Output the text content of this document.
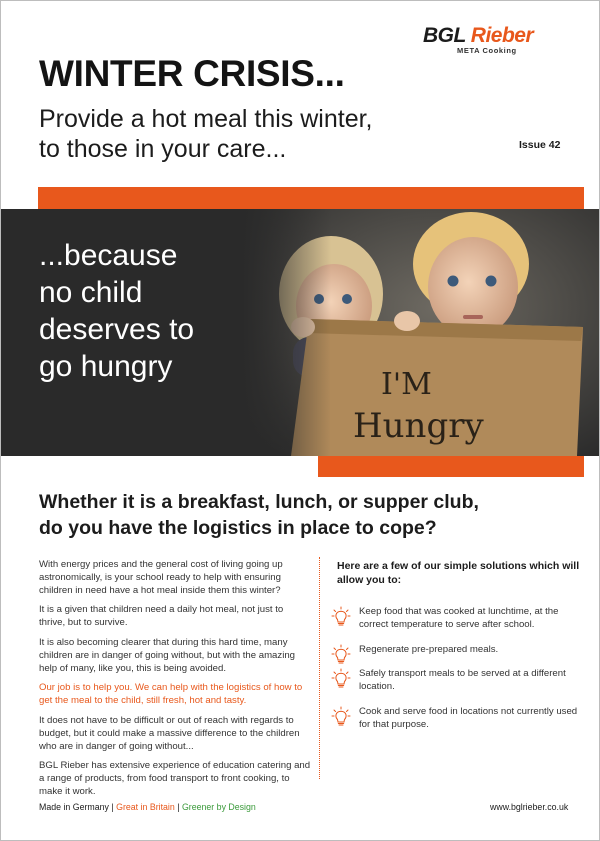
BGL Rieber
META Cooking
WINTER CRISIS...
Provide a hot meal this winter,
to those in your care...	Issue 42
...because
no child
deserves to
go hungry
Whether it is a breakfast, lunch, or supper club,
do you have the logistics in place to cope?

With energy prices and the general cost of living going up astronomically, is your school ready to help with ensuring children in need have a hot meal inside them this winter?

It is a given that children need a daily hot meal, not just to thrive, but to survive.

It is also becoming clearer that during this hard time, many children are in danger of going without, but with the amazing help of many, like you, this is being avoided.

Our job is to help you. We can help with the logistics of how to get the meal to the child, still fresh, hot and tasty.

It does not have to be difficult or out of reach with regards to budget, but it could make a massive difference to the children who are in danger of going without...

BGL Rieber has extensive experience of education catering and a range of products, from food transport to front cooking, to make it work.

Here are a few of our simple solutions which will allow you to:
Keep food that was cooked at lunchtime, at the correct temperature to serve after school.
Regenerate pre-prepared meals.
Safely transport meals to be served at a different location.
Cook and serve food in locations not currently used for that purpose.
Made in Germany | Great in Britain | Greener by Design	www.bglrieber.co.uk
